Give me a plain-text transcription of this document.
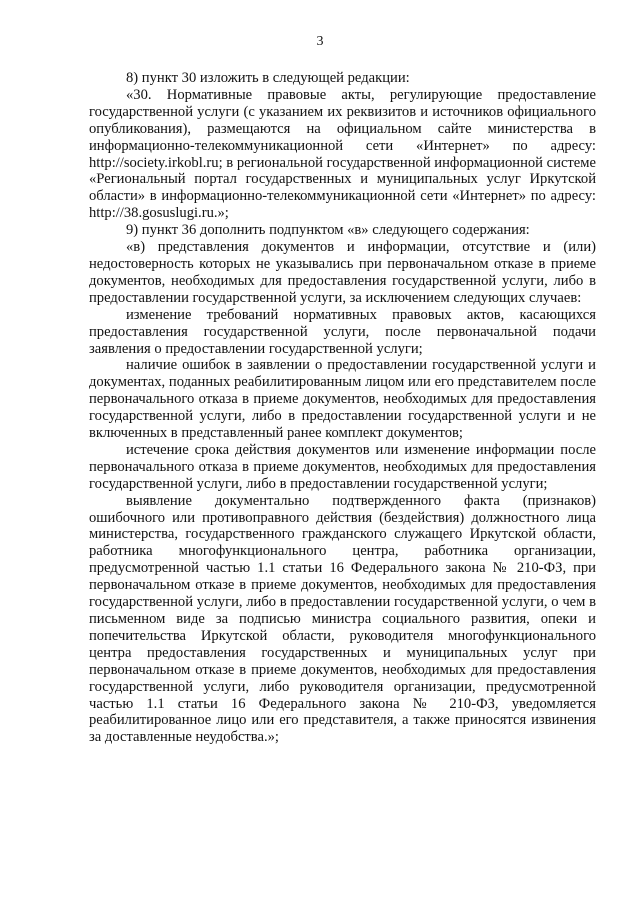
3

8) пункт 30 изложить в следующей редакции:

«30. Нормативные правовые акты, регулирующие предоставление государственной услуги (с указанием их реквизитов и источников официального опубликования), размещаются на официальном сайте министерства в информационно-телекоммуникационной сети «Интернет» по адресу: http://society.irkobl.ru; в региональной государственной информационной системе «Региональный портал государственных и муниципальных услуг Иркутской области» в информационно-телекоммуникационной сети «Интернет» по адресу: http://38.gosuslugi.ru.»;

9) пункт 36 дополнить подпунктом «в» следующего содержания:

«в) представления документов и информации, отсутствие и (или) недостоверность которых не указывались при первоначальном отказе в приеме документов, необходимых для предоставления государственной услуги, либо в предоставлении государственной услуги, за исключением следующих случаев:

изменение требований нормативных правовых актов, касающихся предоставления государственной услуги, после первоначальной подачи заявления о предоставлении государственной услуги;

наличие ошибок в заявлении о предоставлении государственной услуги и документах, поданных реабилитированным лицом или его представителем после первоначального отказа в приеме документов, необходимых для предоставления государственной услуги, либо в предоставлении государственной услуги и не включенных в представленный ранее комплект документов;

истечение срока действия документов или изменение информации после первоначального отказа в приеме документов, необходимых для предоставления государственной услуги, либо в предоставлении государственной услуги;

выявление документально подтвержденного факта (признаков) ошибочного или противоправного действия (бездействия) должностного лица министерства, государственного гражданского служащего Иркутской области, работника многофункционального центра, работника организации, предусмотренной частью 1.1 статьи 16 Федерального закона № 210-ФЗ, при первоначальном отказе в приеме документов, необходимых для предоставления государственной услуги, либо в предоставлении государственной услуги, о чем в письменном виде за подписью министра социального развития, опеки и попечительства Иркутской области, руководителя многофункционального центра предоставления государственных и муниципальных услуг при первоначальном отказе в приеме документов, необходимых для предоставления государственной услуги, либо руководителя организации, предусмотренной частью 1.1 статьи 16 Федерального закона № 210-ФЗ, уведомляется реабилитированное лицо или его представителя, а также приносятся извинения за доставленные неудобства.»;
